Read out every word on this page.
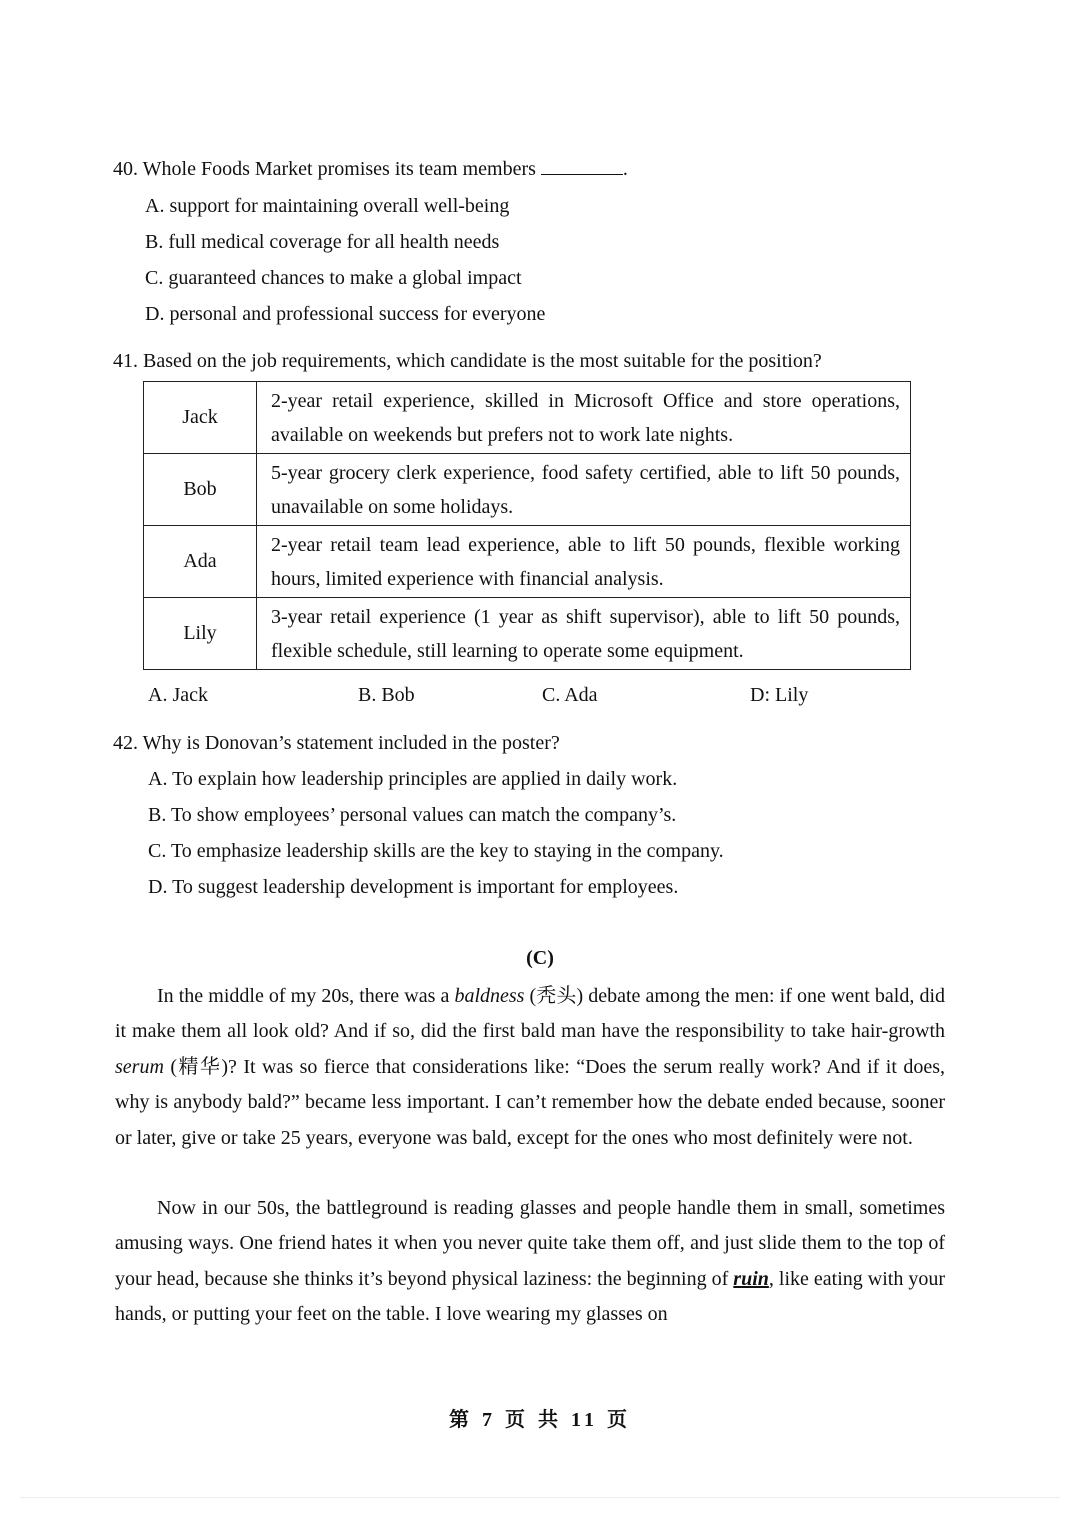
40. Whole Foods Market promises its team members	.
A. support for maintaining overall well-being
B. full medical coverage for all health needs
C. guaranteed chances to make a global impact
D. personal and professional success for everyone
41. Based on the job requirements, which candidate is the most suitable for the position?
Jack	2-year retail experience, skilled in Microsoft Office and store operations, available on weekends but prefers not to work late nights.
Bob	5-year grocery clerk experience, food safety certified, able to lift 50 pounds, unavailable on some holidays.
Ada	2-year retail team lead experience, able to lift 50 pounds, flexible working hours, limited experience with financial analysis.
Lily	3-year retail experience (1 year as shift supervisor), able to lift 50 pounds, flexible schedule, still learning to operate some equipment.
A. Jack	B. Bob	C. Ada	D: Lily
42. Why is Donovan’s statement included in the poster?
A. To explain how leadership principles are applied in daily work.
B. To show employees’ personal values can match the company’s.
C. To emphasize leadership skills are the key to staying in the company.
D. To suggest leadership development is important for employees.
(C)
In the middle of my 20s, there was a baldness (秃头) debate among the men: if one went bald, did it make them all look old? And if so, did the first bald man have the responsibility to take hair-growth serum (精华)? It was so fierce that considerations like: “Does the serum really work? And if it does, why is anybody bald?” became less important. I can’t remember how the debate ended because, sooner or later, give or take 25 years, everyone was bald, except for the ones who most definitely were not.
Now in our 50s, the battleground is reading glasses and people handle them in small, sometimes amusing ways. One friend hates it when you never quite take them off, and just slide them to the top of your head, because she thinks it’s beyond physical laziness: the beginning of ruin, like eating with your hands, or putting your feet on the table. I love wearing my glasses on
第 7 页 共 11 页
